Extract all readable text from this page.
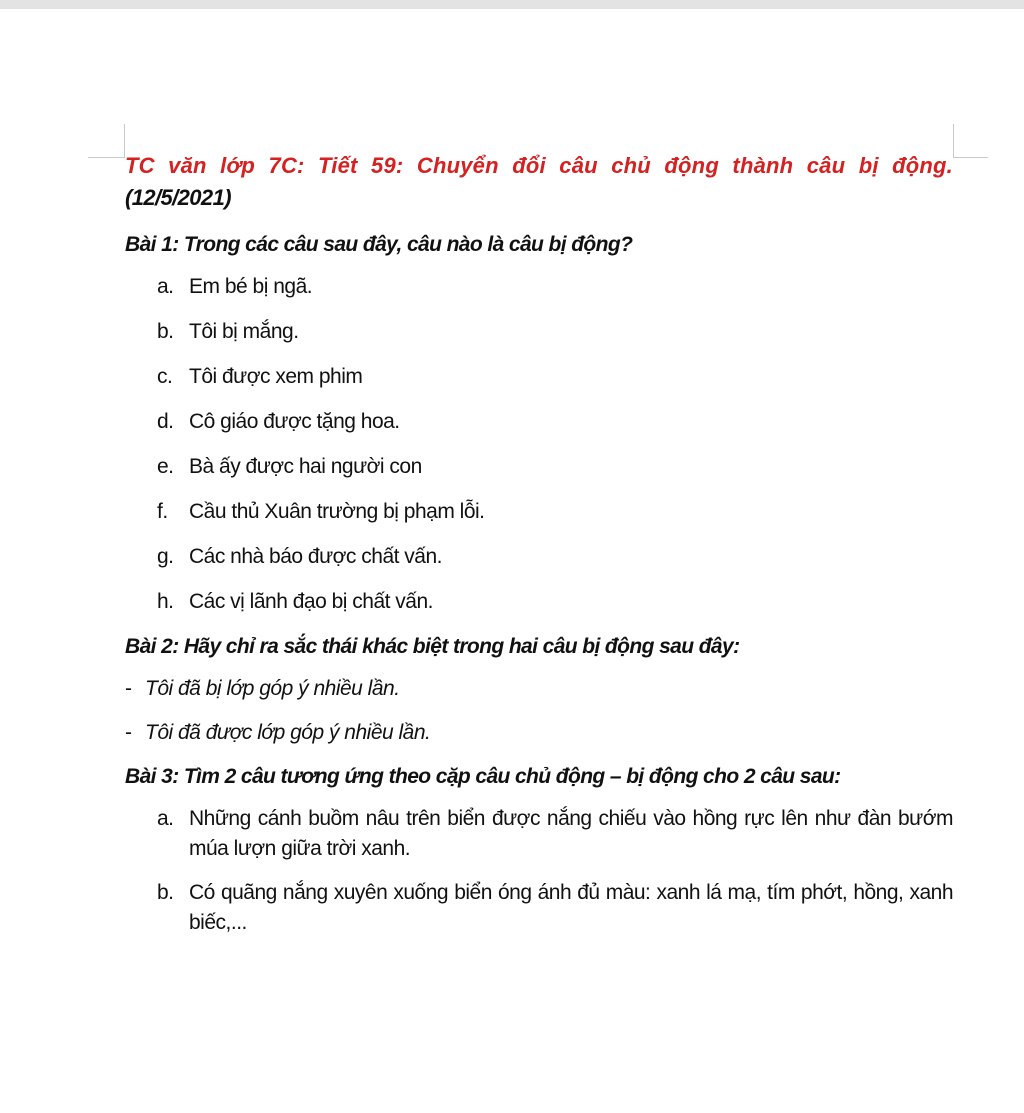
TC văn lớp 7C: Tiết 59: Chuyển đổi câu chủ động thành câu bị động.

(12/5/2021)

Bài 1: Trong các câu sau đây, câu nào là câu bị động?

a. Em bé bị ngã.
b. Tôi bị mắng.
c. Tôi được xem phim
d. Cô giáo được tặng hoa.
e. Bà ấy được hai người con
f. Cầu thủ Xuân trường bị phạm lỗi.
g. Các nhà báo được chất vấn.
h. Các vị lãnh đạo bị chất vấn.

Bài 2: Hãy chỉ ra sắc thái khác biệt trong hai câu bị động sau đây:

- Tôi đã bị lớp góp ý nhiều lần.

- Tôi đã được lớp góp ý nhiều lần.

Bài 3: Tìm 2 câu tương ứng theo cặp câu chủ động – bị động cho 2 câu sau:

a. Những cánh buồm nâu trên biển được nắng chiếu vào hồng rực lên như đàn bướm múa lượn giữa trời xanh.
b. Có quãng nắng xuyên xuống biển óng ánh đủ màu: xanh lá mạ, tím phớt, hồng, xanh biếc,...
